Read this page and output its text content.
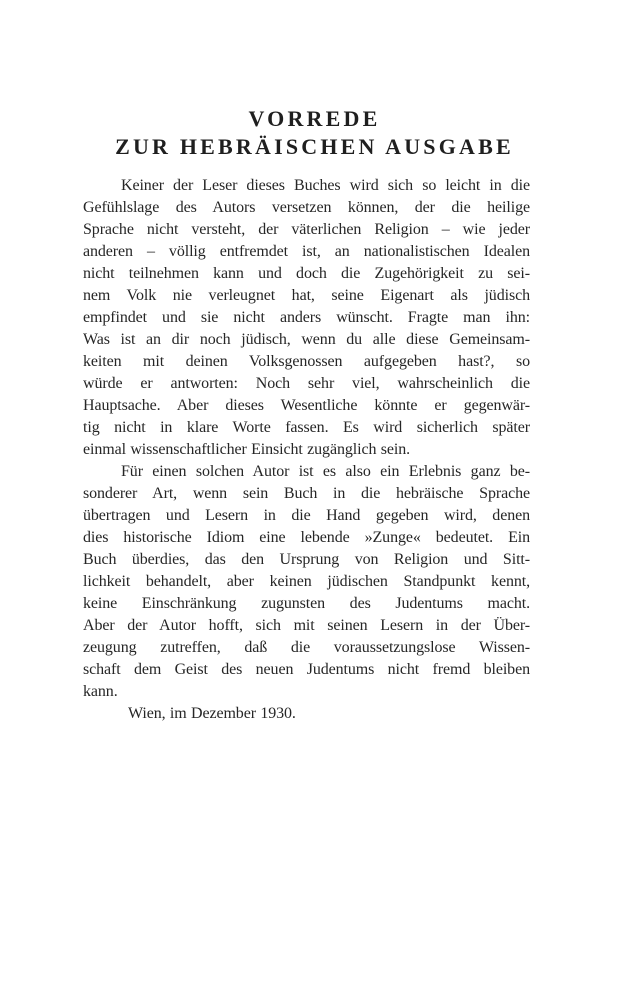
VORREDE
ZUR HEBRÄISCHEN AUSGABE
Keiner der Leser dieses Buches wird sich so leicht in die
Gefühlslage des Autors versetzen können, der die heilige
Sprache nicht versteht, der väterlichen Religion – wie jeder
anderen – völlig entfremdet ist, an nationalistischen Idealen
nicht teilnehmen kann und doch die Zugehörigkeit zu sei-
nem Volk nie verleugnet hat, seine Eigenart als jüdisch
empfindet und sie nicht anders wünscht. Fragte man ihn:
Was ist an dir noch jüdisch, wenn du alle diese Gemeinsam-
keiten mit deinen Volksgenossen aufgegeben hast?, so
würde er antworten: Noch sehr viel, wahrscheinlich die
Hauptsache. Aber dieses Wesentliche könnte er gegenwär-
tig nicht in klare Worte fassen. Es wird sicherlich später
einmal wissenschaftlicher Einsicht zugänglich sein.
Für einen solchen Autor ist es also ein Erlebnis ganz be-
sonderer Art, wenn sein Buch in die hebräische Sprache
übertragen und Lesern in die Hand gegeben wird, denen
dies historische Idiom eine lebende »Zunge« bedeutet. Ein
Buch überdies, das den Ursprung von Religion und Sitt-
lichkeit behandelt, aber keinen jüdischen Standpunkt kennt,
keine Einschränkung zugunsten des Judentums macht.
Aber der Autor hofft, sich mit seinen Lesern in der Über-
zeugung zutreffen, daß die voraussetzungslose Wissen-
schaft dem Geist des neuen Judentums nicht fremd bleiben
kann.
Wien, im Dezember 1930.
